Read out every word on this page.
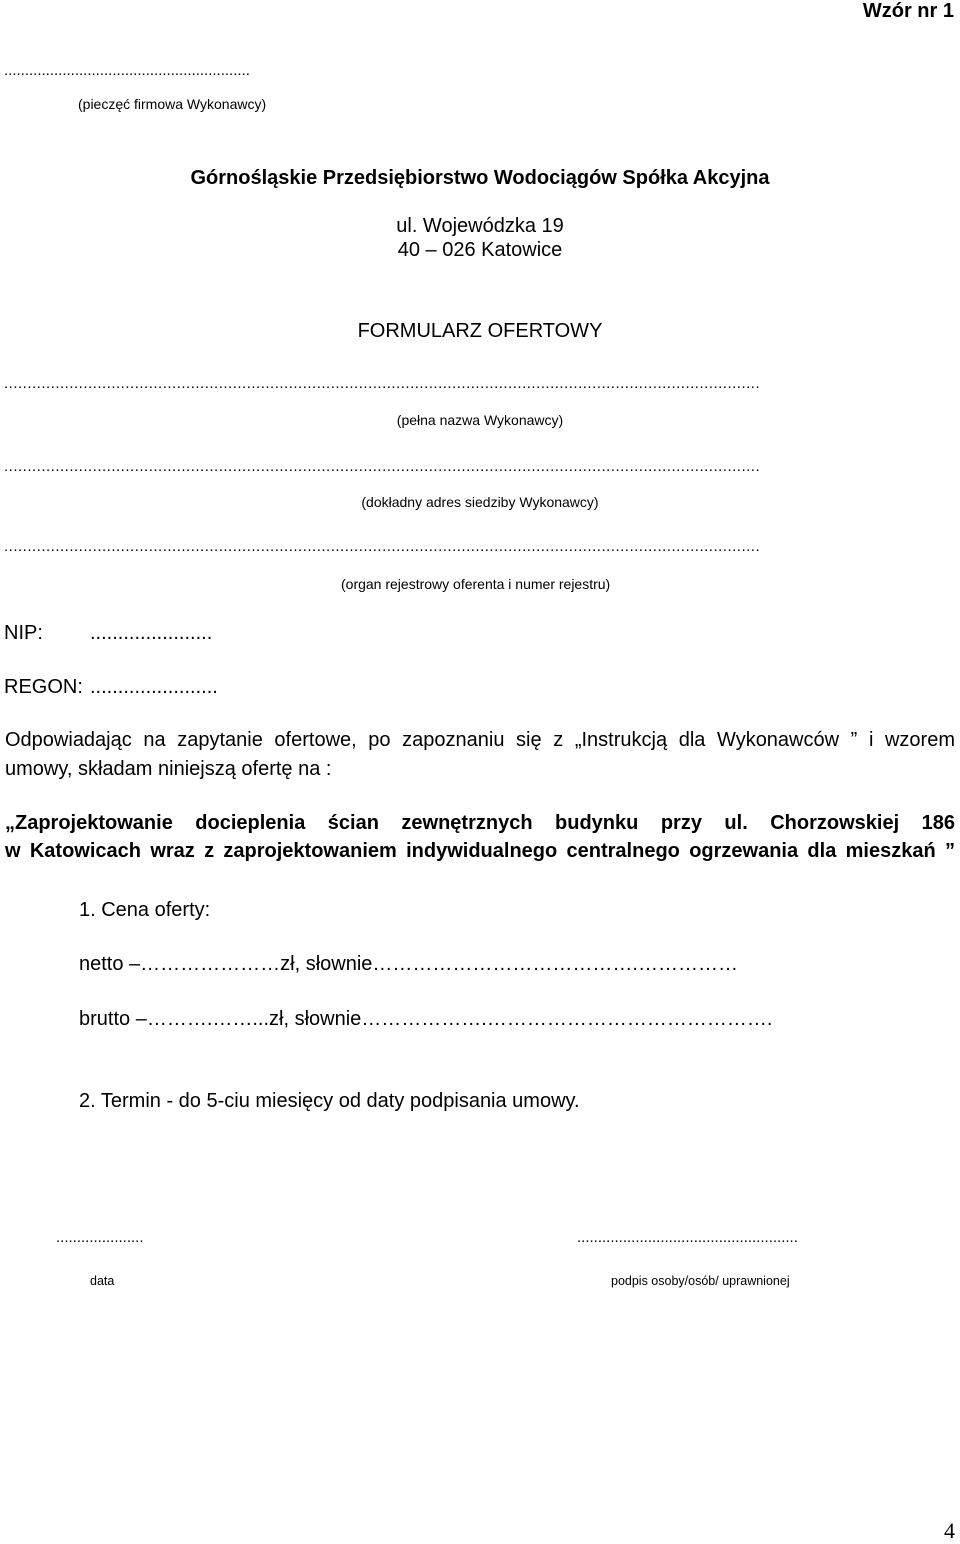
Wzór nr 1
...........................................................
(pieczęć firmowa Wykonawcy)
Górnośląskie Przedsiębiorstwo Wodociągów Spółka Akcyjna
ul. Wojewódzka 19
40 – 026 Katowice
FORMULARZ OFERTOWY
..................................................................................................................................................................
(pełna nazwa Wykonawcy)
..................................................................................................................................................................
(dokładny adres siedziby Wykonawcy)
..................................................................................................................................................................
(organ rejestrowy oferenta i numer rejestru)
NIP: ......................
REGON: .......................
Odpowiadając na zapytanie ofertowe, po zapoznaniu się z „Instrukcją dla Wykonawców ” i wzorem
umowy, składam niniejszą ofertę na :
„Zaprojektowanie docieplenia ścian zewnętrznych budynku przy ul. Chorzowskiej 186
w Katowicach wraz z zaprojektowaniem indywidualnego centralnego ogrzewania dla mieszkań ”
1. Cena oferty:
netto –…………………zł, słownie………………………………….……………
brutto –……….……...zł, słownie……………….…………………………………….
2. Termin - do 5-ciu miesięcy od daty podpisania umowy.
.....................
data
.....................................................
podpis osoby/osób/ uprawnionej
4
